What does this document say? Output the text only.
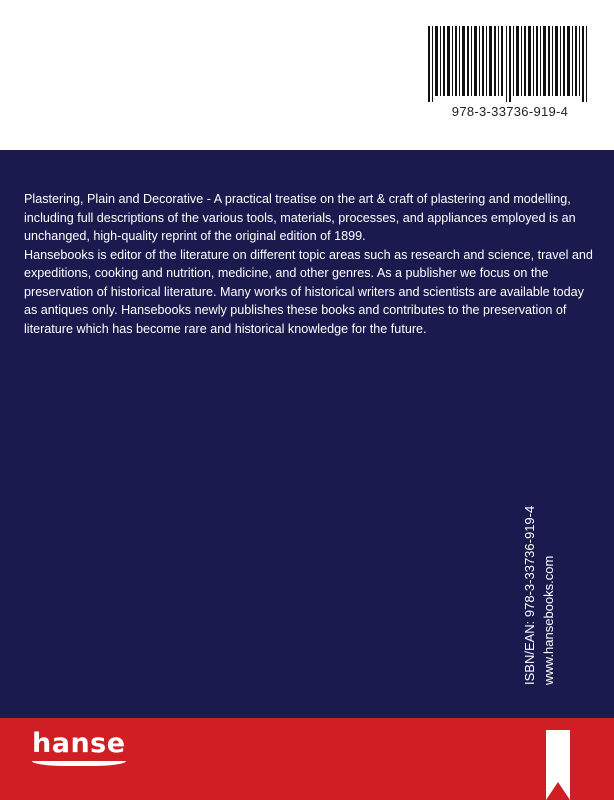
978-3-33736-919-4

Plastering, Plain and Decorative - A practical treatise on the art & craft of plastering and modelling, including full descriptions of the various tools, materials, processes, and appliances employed is an unchanged, high-quality reprint of the original edition of 1899.

Hansebooks is editor of the literature on different topic areas such as research and science, travel and expeditions, cooking and nutrition, medicine, and other genres. As a publisher we focus on the preservation of historical literature. Many works of historical writers and scientists are available today as antiques only. Hansebooks newly publishes these books and contributes to the preservation of literature which has become rare and historical knowledge for the future.

ISBN/EAN: 978-3-33736-919-4 www.hansebooks.com
hanse
